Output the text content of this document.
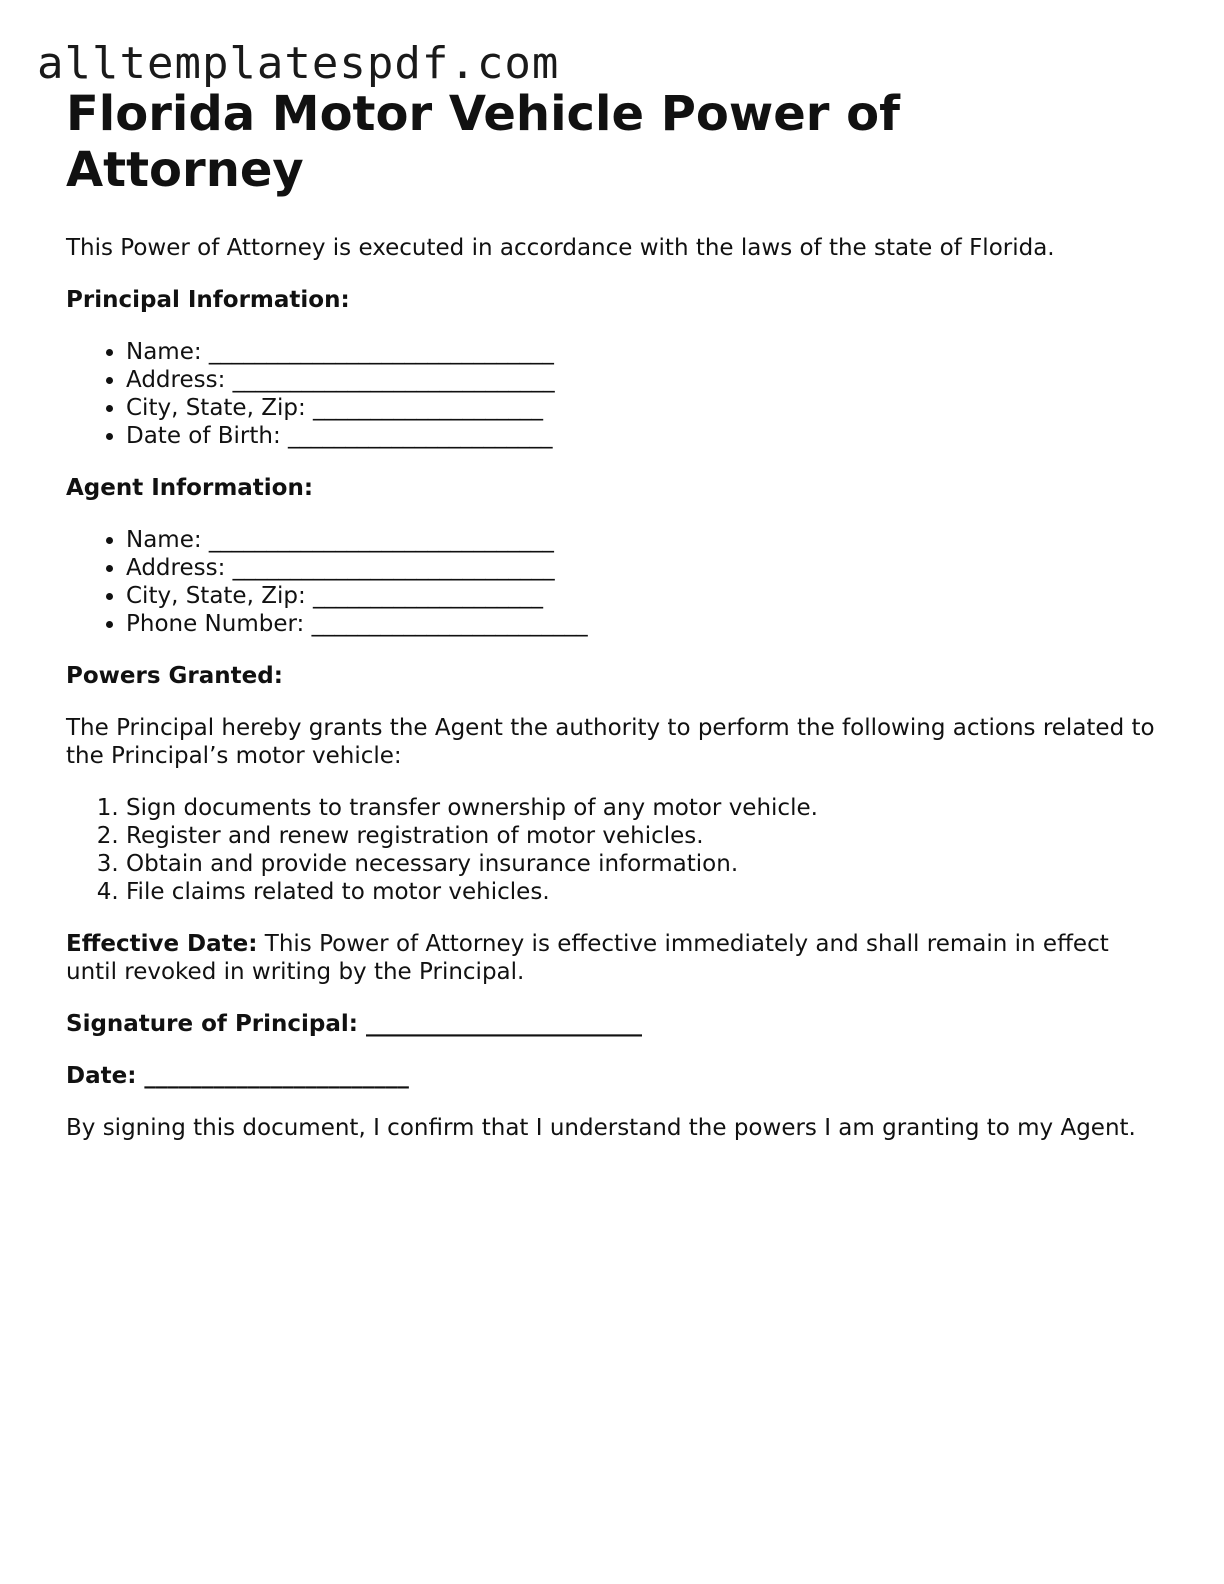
alltemplatespdf.com
Florida Motor Vehicle Power of Attorney

This Power of Attorney is executed in accordance with the laws of the state of Florida.

Principal Information:

• Name: ______________________________
• Address: ____________________________
• City, State, Zip: ____________________
• Date of Birth: _______________________

Agent Information:

• Name: ______________________________
• Address: ____________________________
• City, State, Zip: ____________________
• Phone Number: ________________________

Powers Granted:

The Principal hereby grants the Agent the authority to perform the following actions related to the Principal’s motor vehicle:

1. Sign documents to transfer ownership of any motor vehicle.
2. Register and renew registration of motor vehicles.
3. Obtain and provide necessary insurance information.
4. File claims related to motor vehicles.

Effective Date: This Power of Attorney is effective immediately and shall remain in effect until revoked in writing by the Principal.

Signature of Principal: ________________________

Date: _______________________

By signing this document, I confirm that I understand the powers I am granting to my Agent.
